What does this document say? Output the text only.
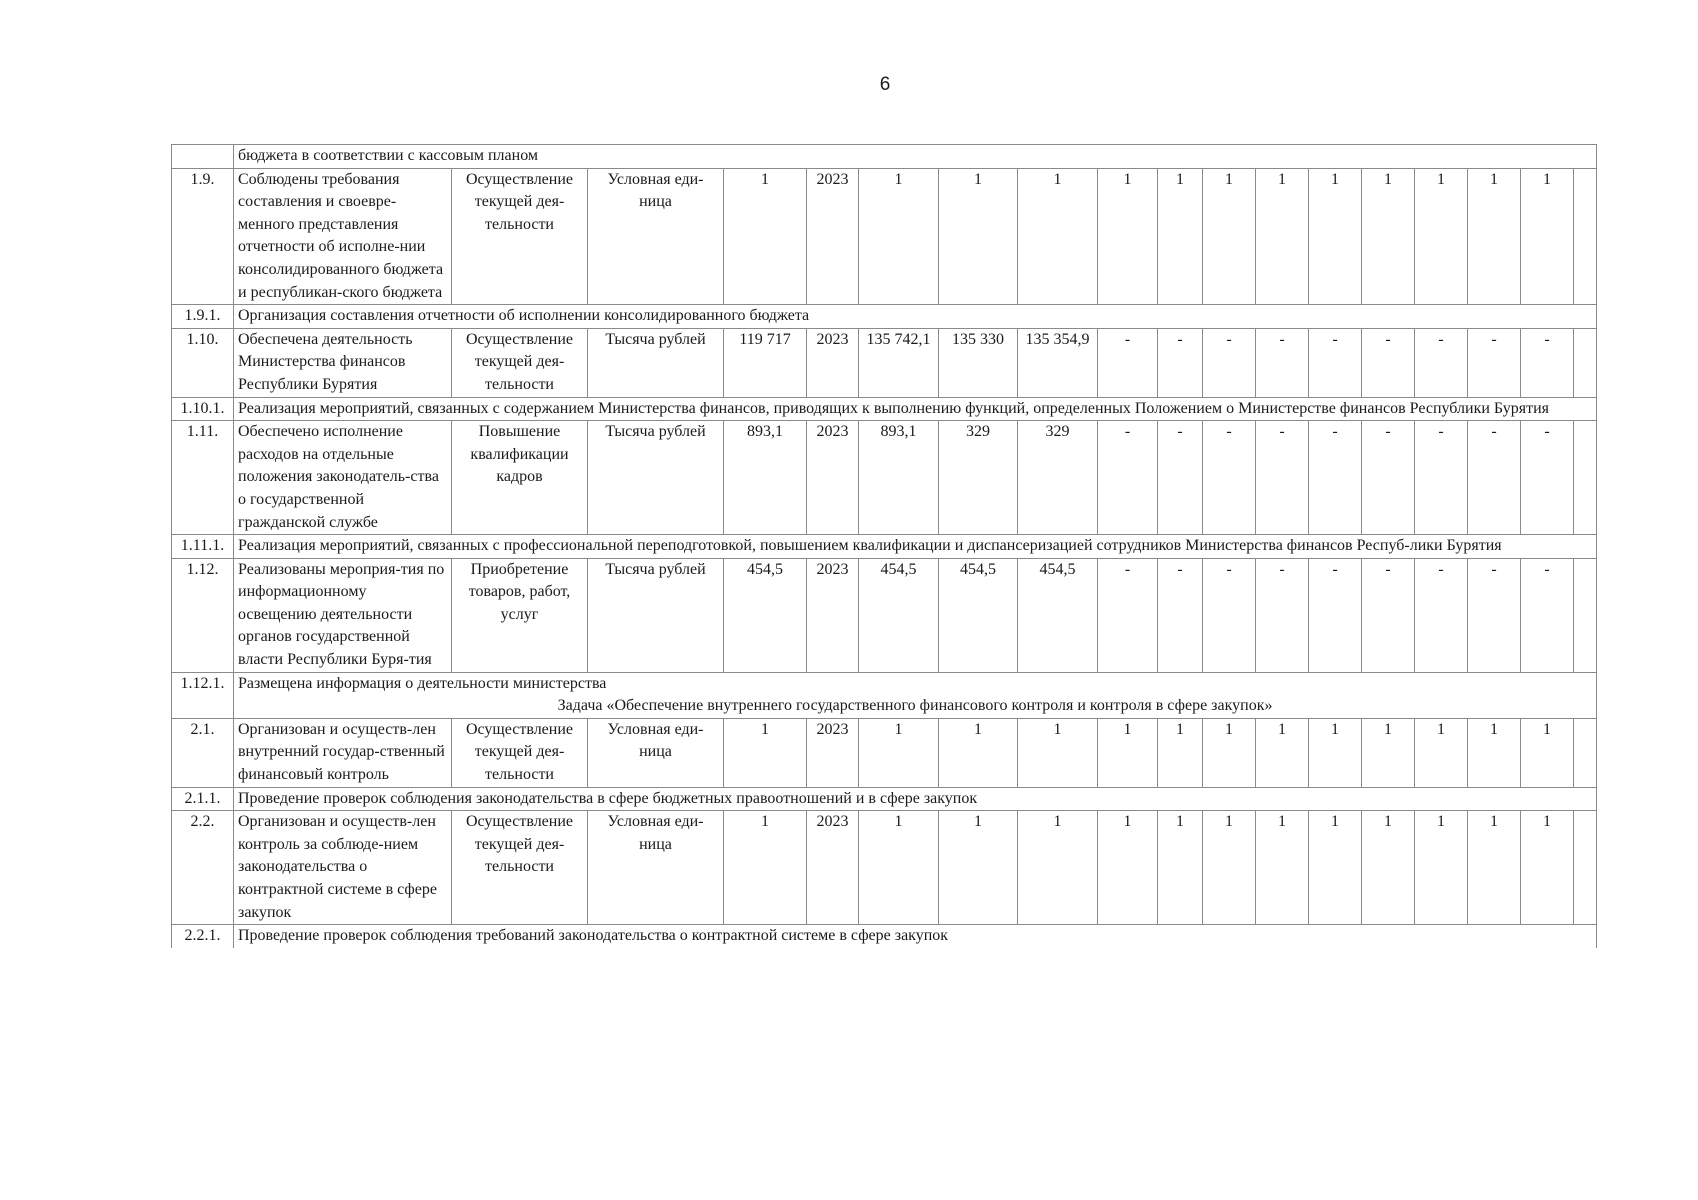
6
	бюджета в соответствии с кассовым планом																	
1.9.	Соблюдены требования составления и своевре-менного представления отчетности об исполне-нии консолидированного бюджета и республикан-ского бюджета	Осуществление текущей дея-тельности	Условная еди-ница	1	2023	1	1	1	1	1	1	1	1	1	1	1	1	
1.9.1.	Организация составления отчетности об исполнении консолидированного бюджета																	
1.10.	Обеспечена деятельность Министерства финансов Республики Бурятия	Осуществление текущей дея-тельности	Тысяча рублей	119 717	2023	135 742,1	135 330	135 354,9	-	-	-	-	-	-	-	-	-	
1.10.1.	Реализация мероприятий, связанных с содержанием Министерства финансов, приводящих к выполнению функций, определенных Положением о Министерстве финансов Республики Бурятия																	
1.11.	Обеспечено исполнение расходов на отдельные положения законодатель-ства о государственной гражданской службе	Повышение квалификации кадров	Тысяча рублей	893,1	2023	893,1	329	329	-	-	-	-	-	-	-	-	-	
1.11.1.	Реализация мероприятий, связанных с профессиональной переподготовкой, повышением квалификации и диспансеризацией сотрудников Министерства финансов Респуб-лики Бурятия																	
1.12.	Реализованы мероприя-тия по информационному освещению деятельности органов государственной власти Республики Буря-тия	Приобретение товаров, работ, услуг	Тысяча рублей	454,5	2023	454,5	454,5	454,5	-	-	-	-	-	-	-	-	-	
1.12.1.	Размещена информация о деятельности министерства																	
	Задача «Обеспечение внутреннего государственного финансового контроля и контроля в сфере закупок»																	
2.1.	Организован и осуществ-лен внутренний государ-ственный финансовый контроль	Осуществление текущей дея-тельности	Условная еди-ница	1	2023	1	1	1	1	1	1	1	1	1	1	1	1	
2.1.1.	Проведение проверок соблюдения законодательства в сфере бюджетных правоотношений и в сфере закупок																	
2.2.	Организован и осуществ-лен контроль за соблюде-нием законодательства о контрактной системе в сфере закупок	Осуществление текущей дея-тельности	Условная еди-ница	1	2023	1	1	1	1	1	1	1	1	1	1	1	1	
2.2.1.	Проведение проверок соблюдения требований законодательства о контрактной системе в сфере закупок																	
